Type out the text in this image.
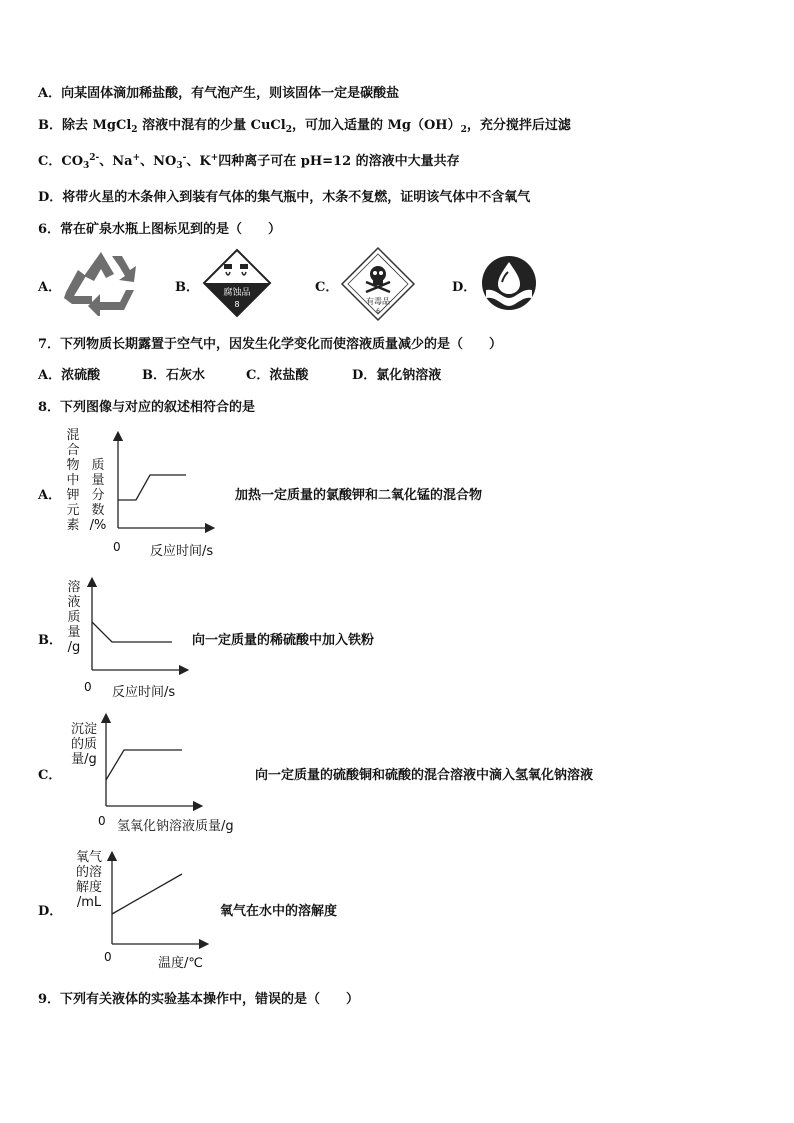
A．向某固体滴加稀盐酸，有气泡产生，则该固体一定是碳酸盐
B．除去 MgCl$_2$ 溶液中混有的少量 CuCl$_2$，可加入适量的 $Mg(OH)_2$，充分搅拌后过滤
C．$CO_3^{2-}$、Na+、$NO_3^-$、K+四种离子可在 pH=12 的溶液中大量共存
D．将带火星的木条伸入到装有气体的集气瓶中，木条不复燃，证明该气体中不含氧气
6．常在矿泉水瓶上图标见到的是（　　）
A．	B．	腐蚀品
8
C．
有毒品
6
D．
7．下列物质长期露置于空气中，因发生化学变化而使溶液质量减少的是（　　）
A．浓硫酸	B．石灰水	C．浓盐酸	D．氯化钠溶液
8．下列图像与对应的叙述相符合的是
A．
混
合
物
中
钾
元
素
质
量
分
数
/%
0 反应时间/s
加热一定质量的氯酸钾和二氧化锰的混合物
B．
溶
液
质
量
/g
0 反应时间/s
向一定质量的稀硫酸中加入铁粉
C．
沉淀
的质
量/g
0 氢氧化钠溶液质量/g
向一定质量的硫酸铜和硫酸的混合溶液中滴入氢氧化钠溶液
D．
氧气
的溶
解度
/mL
0	温度/℃
氧气在水中的溶解度
9．下列有关液体的实验基本操作中，错误的是（　　）
